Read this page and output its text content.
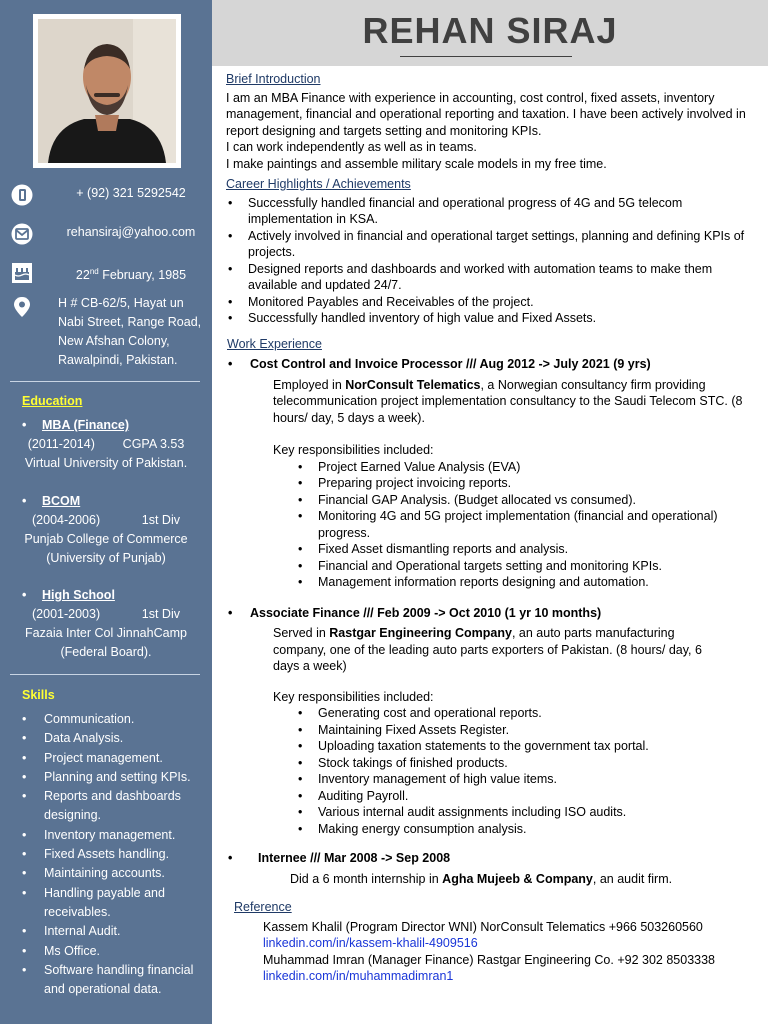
+ (92) 321 5292542
rehansiraj@yahoo.com
22nd February, 1985
H # CB-62/5, Hayat un
Nabi Street, Range Road,
New Afshan Colony,
Rawalpindi, Pakistan.
Education
• MBA (Finance)
(2011-2014)        CGPA 3.53
Virtual University of Pakistan.
• BCOM
(2004-2006)            1st Div
Punjab College of Commerce
(University of Punjab)
• High School
(2001-2003)            1st Div
Fazaia Inter Col JinnahCamp
(Federal Board).
Skills
• Communication.
• Data Analysis.
• Project management.
• Planning and setting KPIs.
• Reports and dashboards designing.
• Inventory management.
• Fixed Assets handling.
• Maintaining accounts.
• Handling payable and receivables.
• Internal Audit.
• Ms Office.
• Software handling financial and operational data.
REHAN SIRAJ
Brief Introduction
I am an MBA Finance with experience in accounting, cost control, fixed assets, inventory management, financial and operational reporting and taxation. I have been actively involved in report designing and targets setting and monitoring KPIs.
I can work independently as well as in teams.
I make paintings and assemble military scale models in my free time.
Career Highlights / Achievements
• Successfully handled financial and operational progress of 4G and 5G telecom implementation in KSA.
• Actively involved in financial and operational target settings, planning and defining KPIs of projects.
• Designed reports and dashboards and worked with automation teams to make them available and updated 24/7.
• Monitored Payables and Receivables of the project.
• Successfully handled inventory of high value and Fixed Assets.
Work Experience
• Cost Control and Invoice Processor /// Aug 2012 -> July 2021 (9 yrs)
Employed in NorConsult Telematics, a Norwegian consultancy firm providing telecommunication project implementation consultancy to the Saudi Telecom STC. (8 hours/ day, 5 days a week).
Key responsibilities included:
• Project Earned Value Analysis (EVA)
• Preparing project invoicing reports.
• Financial GAP Analysis. (Budget allocated vs consumed).
• Monitoring 4G and 5G project implementation (financial and operational) progress.
• Fixed Asset dismantling reports and analysis.
• Financial and Operational targets setting and monitoring KPIs.
• Management information reports designing and automation.
• Associate Finance /// Feb 2009 -> Oct 2010 (1 yr 10 months)
Served in Rastgar Engineering Company, an auto parts manufacturing company, one of the leading auto parts exporters of Pakistan. (8 hours/ day, 6 days a week)
Key responsibilities included:
• Generating cost and operational reports.
• Maintaining Fixed Assets Register.
• Uploading taxation statements to the government tax portal.
• Stock takings of finished products.
• Inventory management of high value items.
• Auditing Payroll.
• Various internal audit assignments including ISO audits.
• Making energy consumption analysis.
• Internee /// Mar 2008 -> Sep 2008
Did a 6 month internship in Agha Mujeeb & Company, an audit firm.
Reference
Kassem Khalil (Program Director WNI) NorConsult Telematics +966 503260560
linkedin.com/in/kassem-khalil-4909516
Muhammad Imran (Manager Finance) Rastgar Engineering Co. +92 302 8503338
linkedin.com/in/muhammadimran1
